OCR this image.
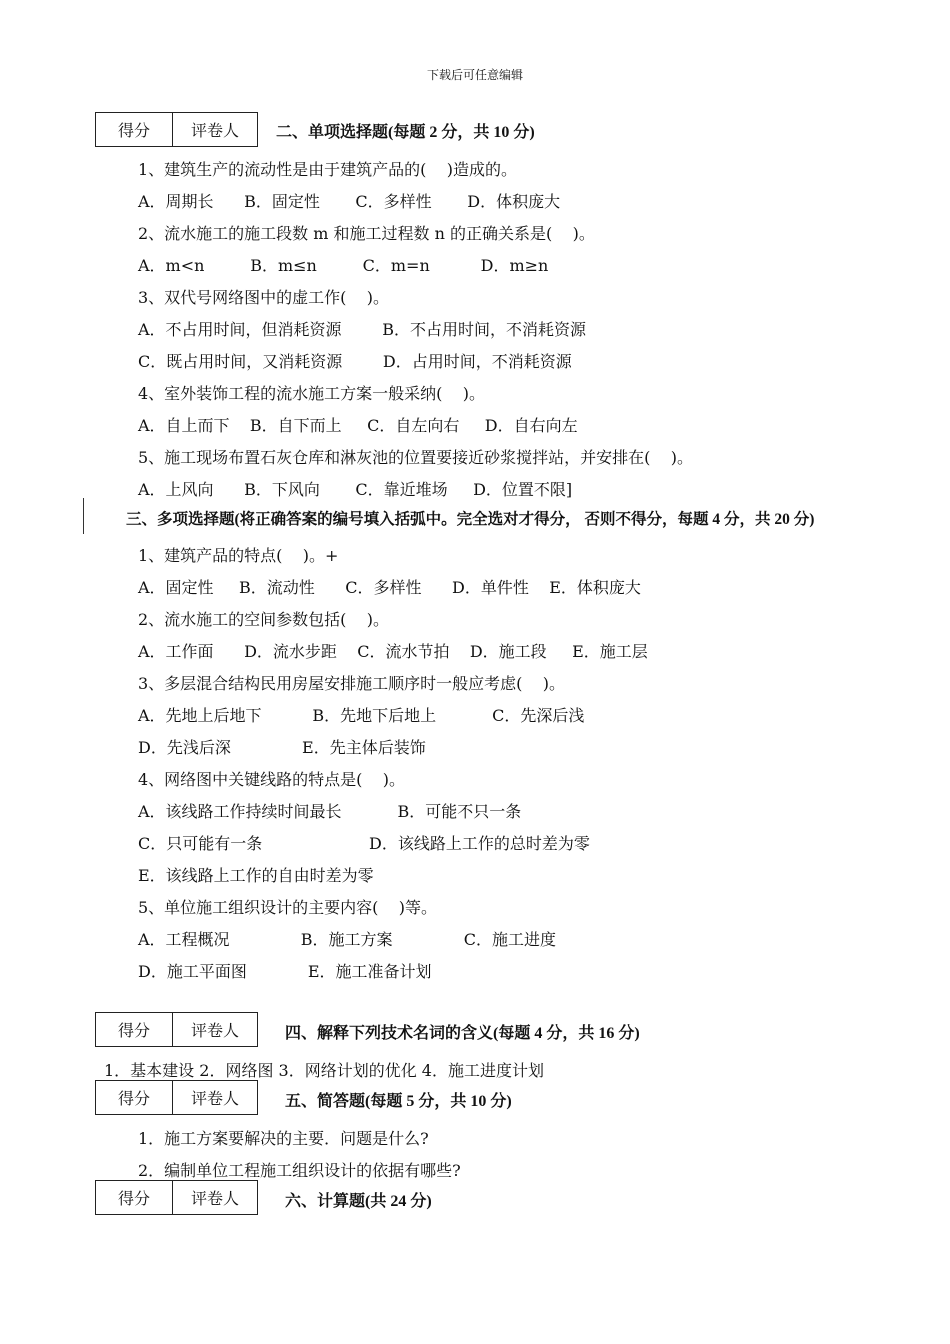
下载后可任意编辑
得分	评卷人	二、单项选择题(每题 2 分，共 10 分)
1、建筑生产的流动性是由于建筑产品的(    )造成的。
A．周期长      B．固定性       C．多样性       D．体积庞大
2、流水施工的施工段数 m 和施工过程数 n 的正确关系是(    )。
A．m<n         B．m≤n         C．m=n          D．m≥n
3、双代号网络图中的虚工作(    )。
A．不占用时间，但消耗资源        B．不占用时间，不消耗资源
C．既占用时间，又消耗资源        D．占用时间，不消耗资源
4、室外装饰工程的流水施工方案一般采纳(    )。
A．自上而下    B．自下而上     C．自左向右     D．自右向左
5、施工现场布置石灰仓库和淋灰池的位置要接近砂浆搅拌站，并安排在(    )。
A．上风向      B．下风向       C．靠近堆场     D．位置不限]
三、多项选择题(将正确答案的编号填入括弧中。完全选对才得分， 否则不得分，每题 4 分，共 20 分)
1、建筑产品的特点(    )。+
A．固定性     B．流动性      C．多样性      D．单件性    E．体积庞大
2、流水施工的空间参数包括(    )。
A．工作面      D．流水步距    C．流水节拍    D．施工段     E．施工层
3、多层混合结构民用房屋安排施工顺序时一般应考虑(    )。
A．先地上后地下          B．先地下后地上           C．先深后浅
D．先浅后深              E．先主体后装饰
4、网络图中关键线路的特点是(    )。
A．该线路工作持续时间最长           B．可能不只一条
C．只可能有一条                     D．该线路上工作的总时差为零
E．该线路上工作的自由时差为零
5、单位施工组织设计的主要内容(    )等。
A．工程概况              B．施工方案              C．施工进度
D．施工平面图            E．施工准备计划
得分	评卷人	四、解释下列技术名词的含义(每题 4 分，共 16 分)
1．基本建设 2．网络图 3．网络计划的优化 4．施工进度计划
得分	评卷人	五、简答题(每题 5 分，共 10 分)
1．施工方案要解决的主要．问题是什么?
2．编制单位工程施工组织设计的依据有哪些?
得分	评卷人	六、计算题(共 24 分)
